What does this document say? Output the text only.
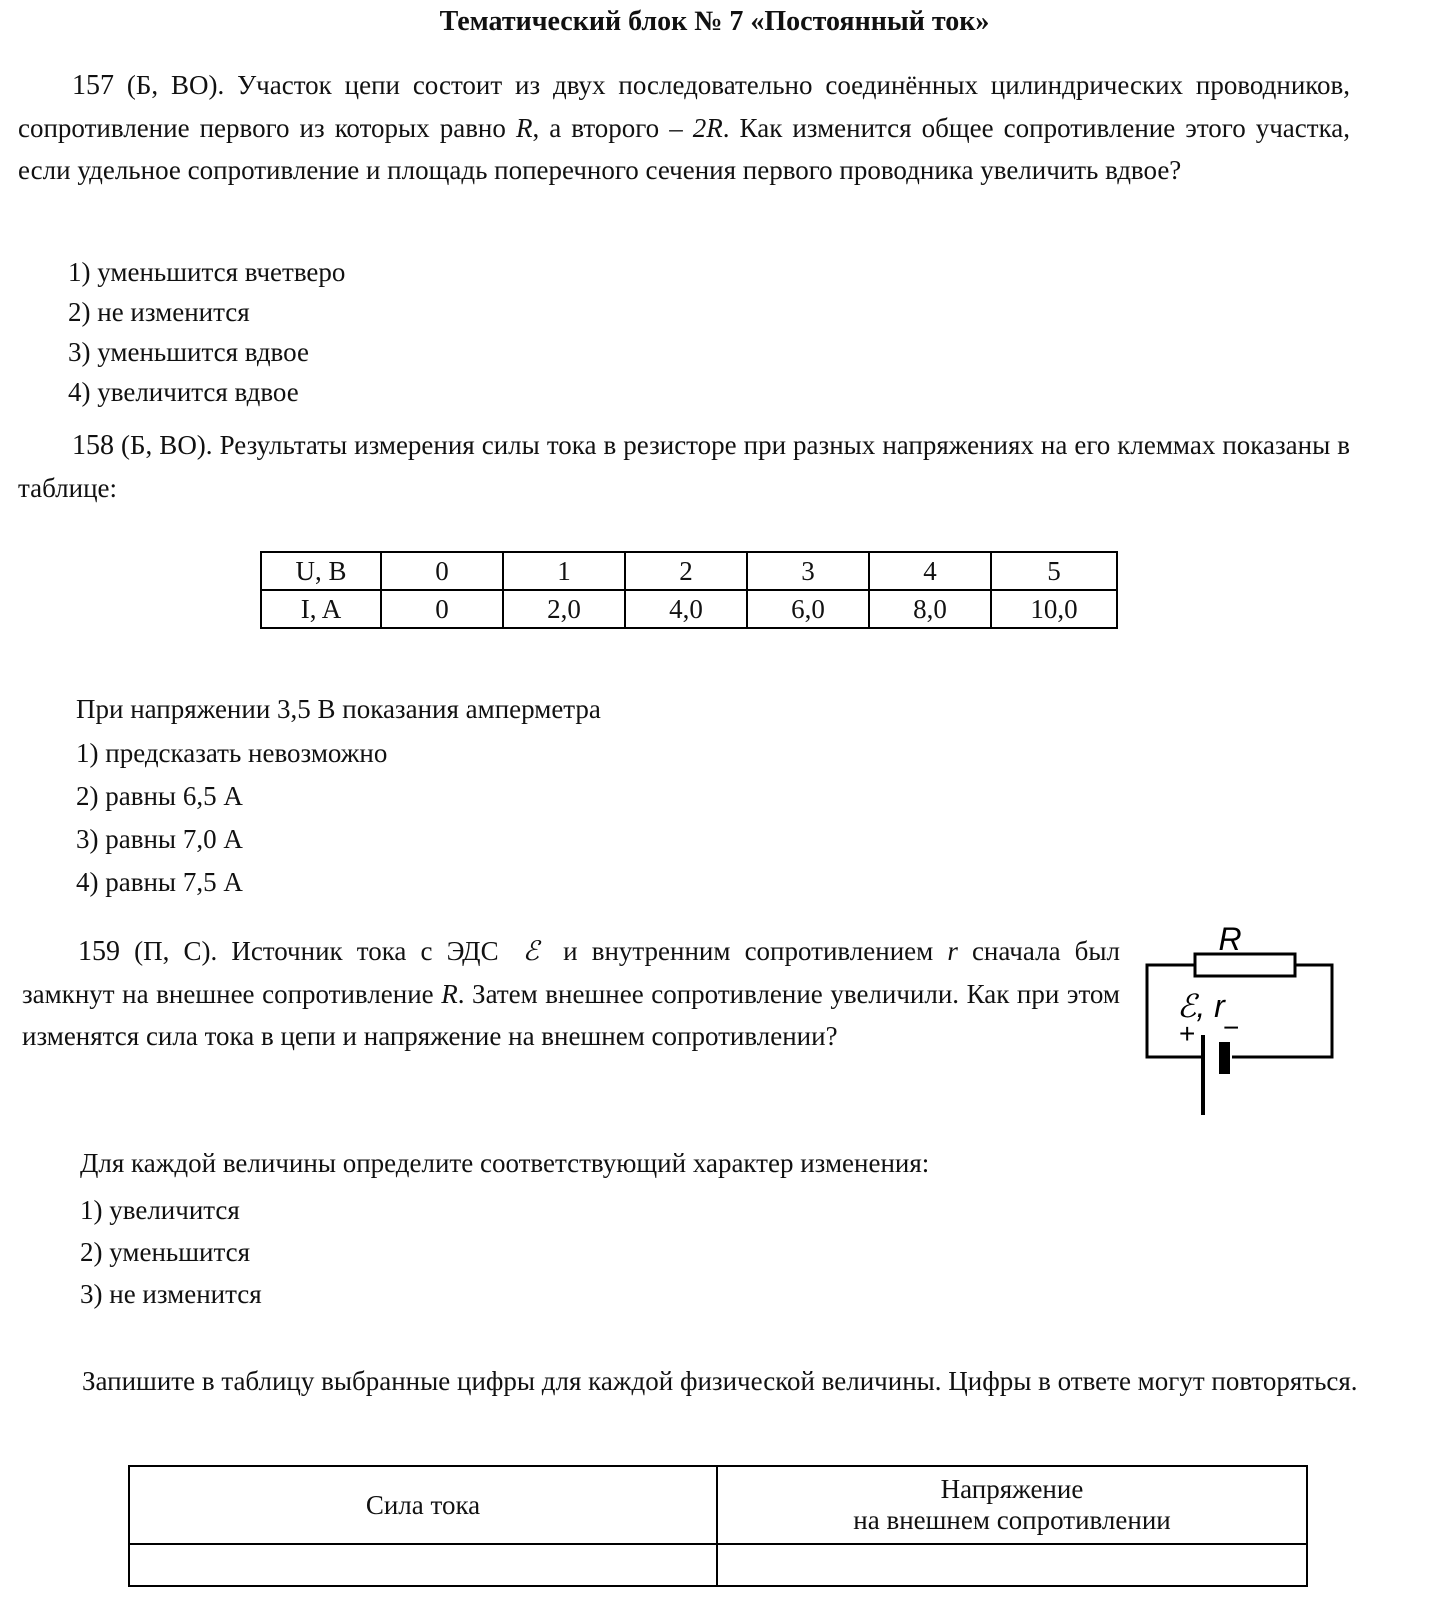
Тематический блок № 7 «Постоянный ток»
157 (Б, ВО). Участок цепи состоит из двух последовательно соединённых цилиндрических проводников, сопротивление первого из которых равно R, а второго – 2R. Как изменится общее сопротивление этого участка, если удельное сопротивление и площадь поперечного сечения первого проводника увеличить вдвое?
1) уменьшится вчетверо
2) не изменится
3) уменьшится вдвое
4) увеличится вдвое
158 (Б, ВО). Результаты измерения силы тока в резисторе при разных напряжениях на его клеммах показаны в таблице:
U, B	0	1	2	3	4	5
I, A	0	2,0	4,0	6,0	8,0	10,0
При напряжении 3,5 В показания амперметра
1) предсказать невозможно
2) равны 6,5 А
3) равны 7,0 А
4) равны 7,5 А
159 (П, С). Источник тока с ЭДС ℰ и внутренним сопротивлением r сначала был замкнут на внешнее сопротивление R. Затем внешнее сопротивление увеличили. Как при этом изменятся сила тока в цепи и напряжение на внешнем сопротивлении?
R
ℰ, r
+ −
Для каждой величины определите соответствующий характер изменения:
1) увеличится
2) уменьшится
3) не изменится
Запишите в таблицу выбранные цифры для каждой физической величины. Цифры в ответе могут повторяться.
Сила тока	Напряжение
на внешнем сопротивлении
